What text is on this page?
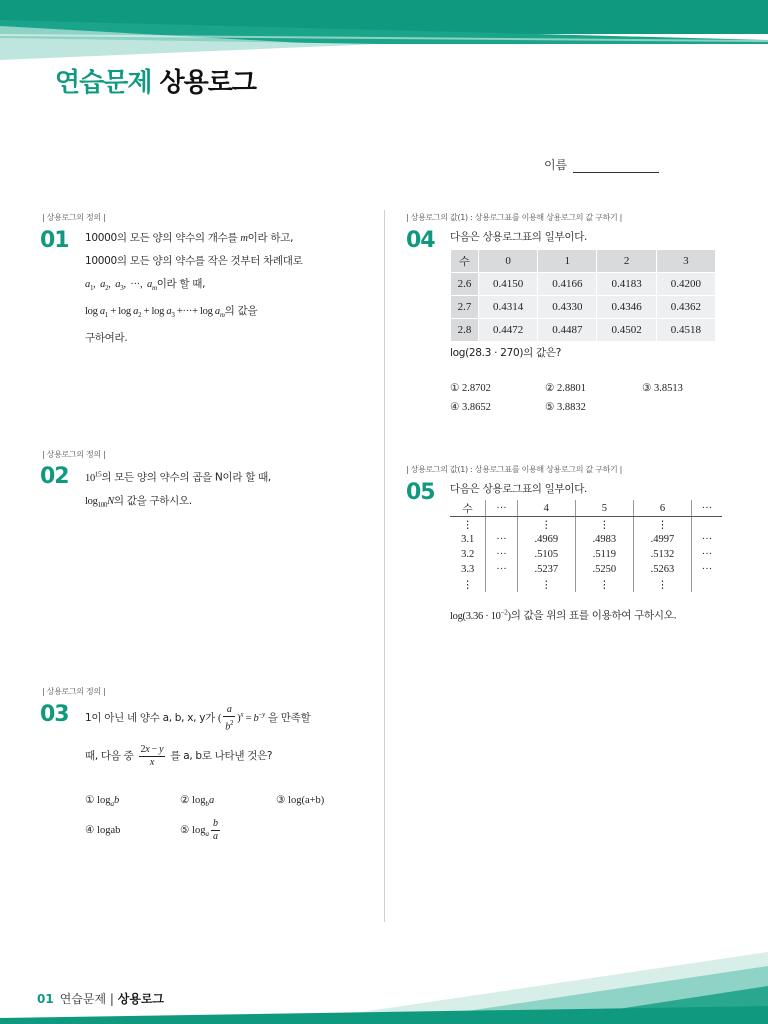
연습문제 상용로그
이름
| 상용로그의 정의 |
01 10000의 모든 양의 약수의 개수를 m이라 하고,
10000의 모든 양의 약수를 작은 것부터 차례대로
$a_1$,  $a_2$,  $a_3$,  ···,  $a_m$이라 할 때,
$\log a_1 + \log a_2 + \log a_3$ +···+ $\log a_m$의 값을
구하여라.
| 상용로그의 정의 |
02 $10^{15}$의 모든 양의 약수의 곱을 N이라 할 때,
$\log_{100}N$의 값을 구하시오.
| 상용로그의 정의 |
03 1이 아닌 네 양수 a, b, x, y가 ( $\frac{a}{b^2} )^x = b^{-y}$ 을 만족할
때, 다음 중 $\frac{2x - y}{x}$ 를 a, b로 나타낸 것은?
① $\log_ab$	② $\log_ba$	③ log(a+b)
④ logab	⑤ $\log_a \frac{b}{a}$
| 상용로그의 값(1) : 상용로그표를 이용해 상용로그의 값 구하기 |
04 다음은 상용로그표의 일부이다.
수	0	1	2	3
2.6	0.4150	0.4166	0.4183	0.4200
2.7	0.4314	0.4330	0.4346	0.4362
2.8	0.4472	0.4487	0.4502	0.4518
log(28.3 · 270)의 값은?
① 2.8702	② 2.8801	③ 3.8513
④ 3.8652	⑤ 3.8832
| 상용로그의 값(1) : 상용로그표를 이용해 상용로그의 값 구하기 |
05 다음은 상용로그표의 일부이다.
수	···	4	5	6	···
⋮		⋮	⋮	⋮	
3.1	···	.4969	.4983	.4997	···
3.2	···	.5105	.5119	.5132	···
3.3	···	.5237	.5250	.5263	···
⋮		⋮	⋮	⋮	
$\log(3.36 \cdot 10^{-2})$의 값을 위의 표를 이용하여 구하시오.
01 연습문제 | 상용로그
